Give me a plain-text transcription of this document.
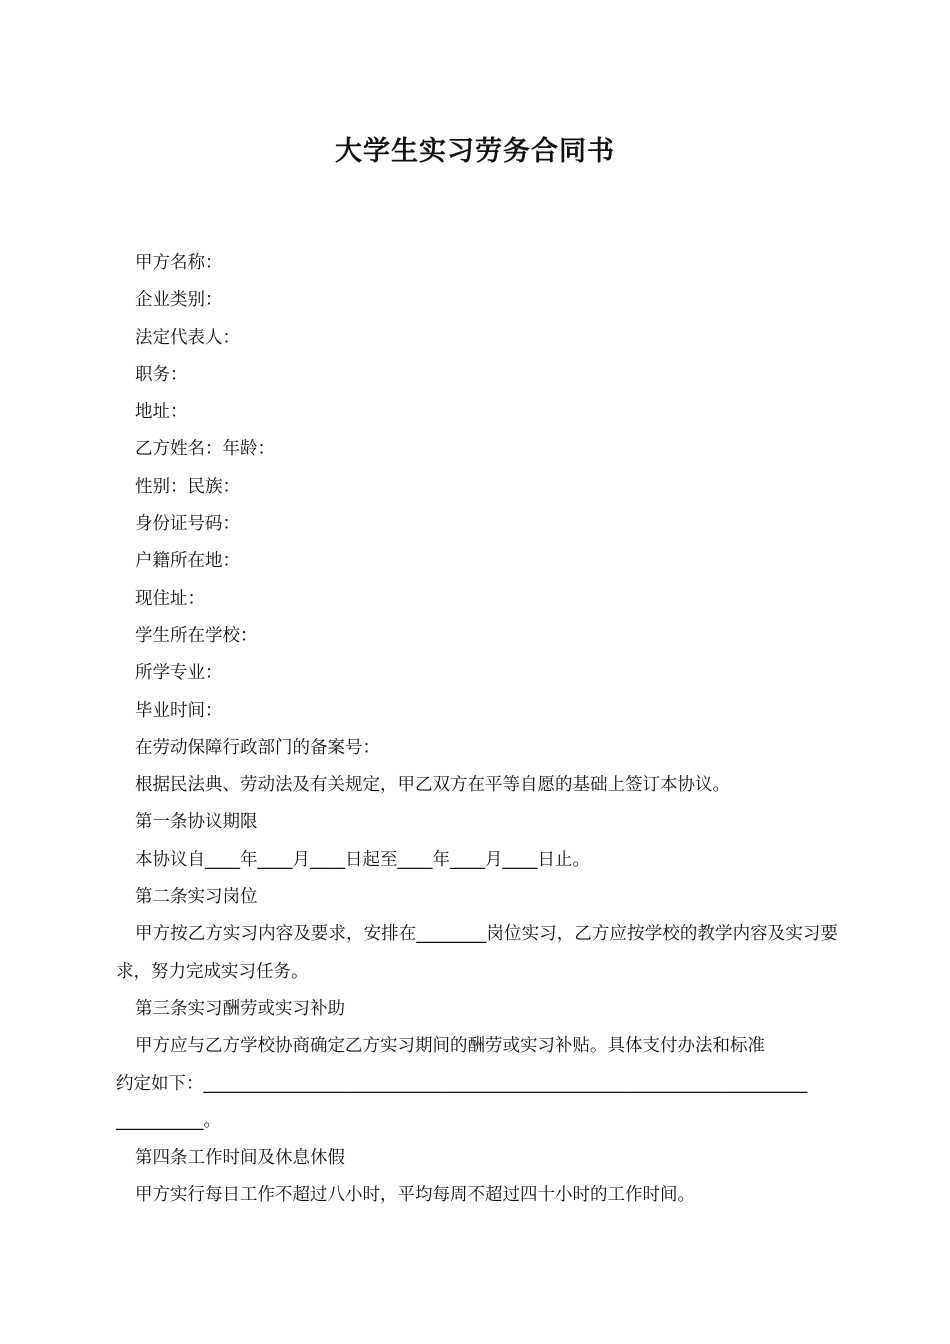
大学生实习劳务合同书
甲方名称：
企业类别：
法定代表人：
职务：
地址：
乙方姓名：年龄：
性别：民族：
身份证号码：
户籍所在地：
现住址：
学生所在学校：
所学专业：
毕业时间：
在劳动保障行政部门的备案号：
根据民法典、劳动法及有关规定，甲乙双方在平等自愿的基础上签订本协议。
第一条协议期限
本协议自____年____月____日起至____年____月____日止。
第二条实习岗位
甲方按乙方实习内容及要求，安排在________岗位实习，乙方应按学校的教学内容及实习要求，努力完成实习任务。
第三条实习酬劳或实习补助
甲方应与乙方学校协商确定乙方实习期间的酬劳或实习补贴。具体支付办法和标准
约定如下：_____________________________________________________________________
__________。
第四条工作时间及休息休假
甲方实行每日工作不超过八小时，平均每周不超过四十小时的工作时间。
